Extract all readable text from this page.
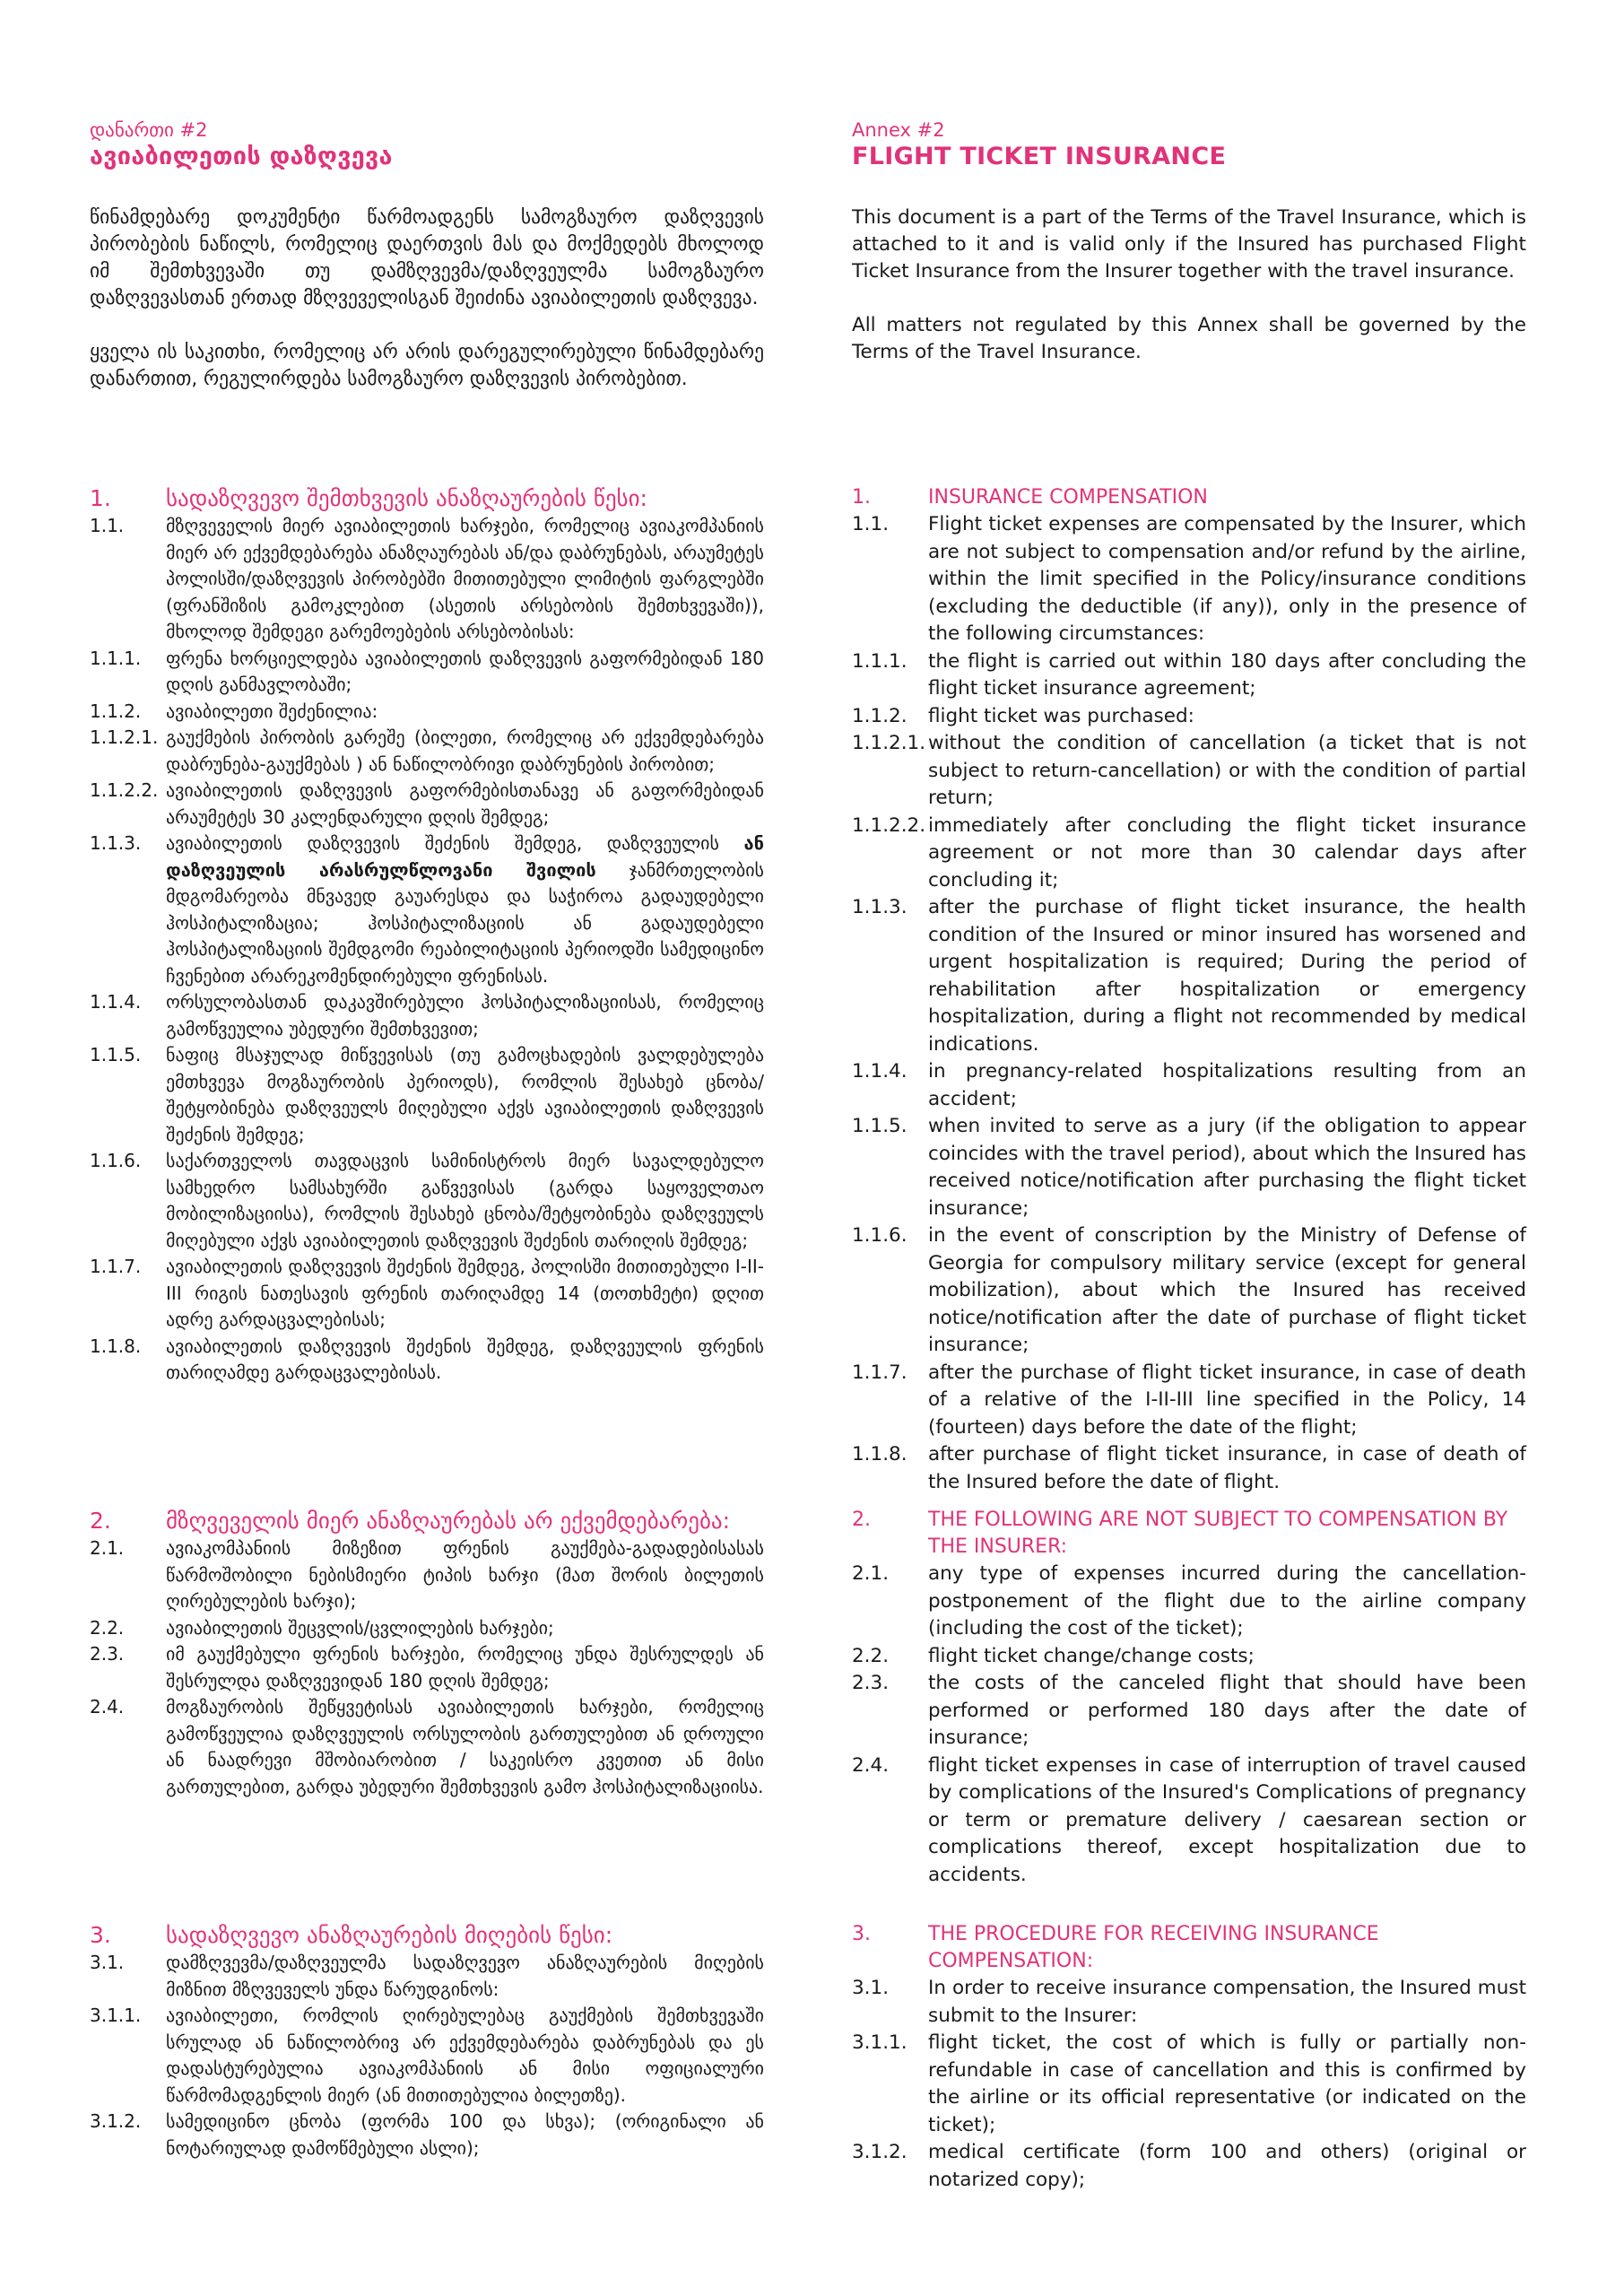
დანართი #2

ავიაბილეთის დაზღვევა

წინამდებარე დოკუმენტი წარმოადგენს სამოგზაურო დაზღვევის პირობების ნაწილს, რომელიც დაერთვის მას და მოქმედებს მხოლოდ იმ შემთხვევაში თუ დამზღვევმა/დაზღვეულმა სამოგზაურო დაზღვევასთან ერთად მზღვეველისგან შეიძინა ავიაბილეთის დაზღვევა.

ყველა ის საკითხი, რომელიც არ არის დარეგულირებული წინამდებარე დანართით, რეგულირდება სამოგზაურო დაზღვევის პირობებით.

1.	სადაზღვევო შემთხვევის ანაზღაურების წესი:
1.1.	მზღვეველის მიერ ავიაბილეთის ხარჯები, რომელიც ავიაკომპანიის მიერ არ ექვემდებარება ანაზღაურებას ან/და დაბრუნებას, არაუმეტეს პოლისში/დაზღვევის პირობებში მითითებული ლიმიტის ფარგლებში (ფრანშიზის გამოკლებით (ასეთის არსებობის შემთხვევაში)), მხოლოდ შემდეგი გარემოებების არსებობისას:
1.1.1.	ფრენა ხორციელდება ავიაბილეთის დაზღვევის გაფორმებიდან 180 დღის განმავლობაში;
1.1.2.	ავიაბილეთი შეძენილია:
1.1.2.1. გაუქმების პირობის გარეშე (ბილეთი, რომელიც არ ექვემდებარება დაბრუნება-გაუქმებას ) ან ნაწილობრივი დაბრუნების პირობით;
1.1.2.2. ავიაბილეთის დაზღვევის გაფორმებისთანავე ან გაფორმებიდან არაუმეტეს 30 კალენდარული დღის შემდეგ;
1.1.3.	ავიაბილეთის დაზღვევის შეძენის შემდეგ, დაზღვეულის ან დაზღვეულის არასრულწლოვანი შვილის ჯანმრთელობის მდგომარეობა მნვავედ გაუარესდა და საჭიროა გადაუდებელი ჰოსპიტალიზაცია; ჰოსპიტალიზაციის ან გადაუდებელი ჰოსპიტალიზაციის შემდგომი რეაბილიტაციის პერიოდში სამედიცინო ჩვენებით არარეკომენდირებული ფრენისას.
1.1.4.	ორსულობასთან დაკავშირებული ჰოსპიტალიზაციისას, რომელიც გამოწვეულია უბედური შემთხვევით;
1.1.5.	ნაფიც მსაჯულად მიწვევისას (თუ გამოცხადების ვალდებულება ემთხვევა მოგზაურობის პერიოდს), რომლის შესახებ ცნობა/შეტყობინება დაზღვეულს მიღებული აქვს ავიაბილეთის დაზღვევის შეძენის შემდეგ;
1.1.6.	საქართველოს თავდაცვის სამინისტროს მიერ სავალდებულო სამხედრო სამსახურში გაწვევისას (გარდა საყოველთაო მობილიზაციისა), რომლის შესახებ ცნობა/შეტყობინება დაზღვეულს მიღებული აქვს ავიაბილეთის დაზღვევის შეძენის თარიღის შემდეგ;
1.1.7.	ავიაბილეთის დაზღვევის შეძენის შემდეგ, პოლისში მითითებული I-II-III რიგის ნათესავის ფრენის თარიღამდე 14 (თოთხმეტი) დღით ადრე გარდაცვალებისას;
1.1.8.	ავიაბილეთის დაზღვევის შეძენის შემდეგ, დაზღვეულის ფრენის თარიღამდე გარდაცვალებისას.
2.	მზღვეველის მიერ ანაზღაურებას არ ექვემდებარება:
2.1.	ავიაკომპანიის მიზეზით ფრენის გაუქმება-გადადებისასას წარმოშობილი ნებისმიერი ტიპის ხარჯი (მათ შორის ბილეთის ღირებულების ხარჯი);
2.2.	ავიაბილეთის შეცვლის/ცვლილების ხარჯები;
2.3.	იმ გაუქმებული ფრენის ხარჯები, რომელიც უნდა შესრულდეს ან შესრულდა დაზღვევიდან 180 დღის შემდეგ;
2.4.	მოგზაურობის შეწყვეტისას ავიაბილეთის ხარჯები, რომელიც გამოწვეულია დაზღვეულის ორსულობის გართულებით ან დროული ან ნაადრევი მშობიარობით / საკეისრო კვეთით ან მისი გართულებით, გარდა უბედური შემთხვევის გამო ჰოსპიტალიზაციისა.
3.	სადაზღვევო ანაზღაურების მიღების წესი:
3.1.	დამზღვევმა/დაზღვეულმა სადაზღვევო ანაზღაურების მიღების მიზნით მზღვეველს უნდა წარუდგინოს:
3.1.1.	ავიაბილეთი, რომლის ღირებულებაც გაუქმების შემთხვევაში სრულად ან ნაწილობრივ არ ექვემდებარება დაბრუნებას და ეს დადასტურებულია ავიაკომპანიის ან მისი ოფიციალური წარმომადგენლის მიერ (ან მითითებულია ბილეთზე).
3.1.2.	სამედიცინო ცნობა (ფორმა 100 და სხვა); (ორიგინალი ან ნოტარიულად დამოწმებული ასლი);

Annex #2

FLIGHT TICKET INSURANCE

This document is a part of the Terms of the Travel Insurance, which is attached to it and is valid only if the Insured has purchased Flight Ticket Insurance from the Insurer together with the travel insurance.

All matters not regulated by this Annex shall be governed by the Terms of the Travel Insurance.

1.	INSURANCE COMPENSATION
1.1.	Flight ticket expenses are compensated by the Insurer, which are not subject to compensation and/or refund by the airline, within the limit specified in the Policy/insurance conditions (excluding the deductible (if any)), only in the presence of the following circumstances:
1.1.1.	the flight is carried out within 180 days after concluding the flight ticket insurance agreement;
1.1.2.	flight ticket was purchased:
1.1.2.1. without the condition of cancellation (a ticket that is not subject to return-cancellation) or with the condition of partial return;
1.1.2.2. immediately after concluding the flight ticket insurance agreement or not more than 30 calendar days after concluding it;
1.1.3.	after the purchase of flight ticket insurance, the health condition of the Insured or minor insured has worsened and urgent hospitalization is required; During the period of rehabilitation after hospitalization or emergency hospitalization, during a flight not recommended by medical indications.
1.1.4.	in pregnancy-related hospitalizations resulting from an accident;
1.1.5.	when invited to serve as a jury (if the obligation to appear coincides with the travel period), about which the Insured has received notice/notification after purchasing the flight ticket insurance;
1.1.6.	in the event of conscription by the Ministry of Defense of Georgia for compulsory military service (except for general mobilization), about which the Insured has received notice/notification after the date of purchase of flight ticket insurance;
1.1.7.	after the purchase of flight ticket insurance, in case of death of a relative of the I-II-III line specified in the Policy, 14 (fourteen) days before the date of the flight;
1.1.8.	after purchase of flight ticket insurance, in case of death of the Insured before the date of flight.
2.	THE FOLLOWING ARE NOT SUBJECT TO COMPENSATION BY THE INSURER:
2.1.	any type of expenses incurred during the cancellation-postponement of the flight due to the airline company (including the cost of the ticket);
2.2.	flight ticket change/change costs;
2.3.	the costs of the canceled flight that should have been performed or performed 180 days after the date of insurance;
2.4.	flight ticket expenses in case of interruption of travel caused by complications of the Insured's Complications of pregnancy or term or premature delivery / caesarean section or complications thereof, except hospitalization due to accidents.
3.	THE PROCEDURE FOR RECEIVING INSURANCE COMPENSATION:
3.1.	In order to receive insurance compensation, the Insured must submit to the Insurer:
3.1.1.	flight ticket, the cost of which is fully or partially non-refundable in case of cancellation and this is confirmed by the airline or its official representative (or indicated on the ticket);
3.1.2.	medical certificate (form 100 and others) (original or notarized copy);
